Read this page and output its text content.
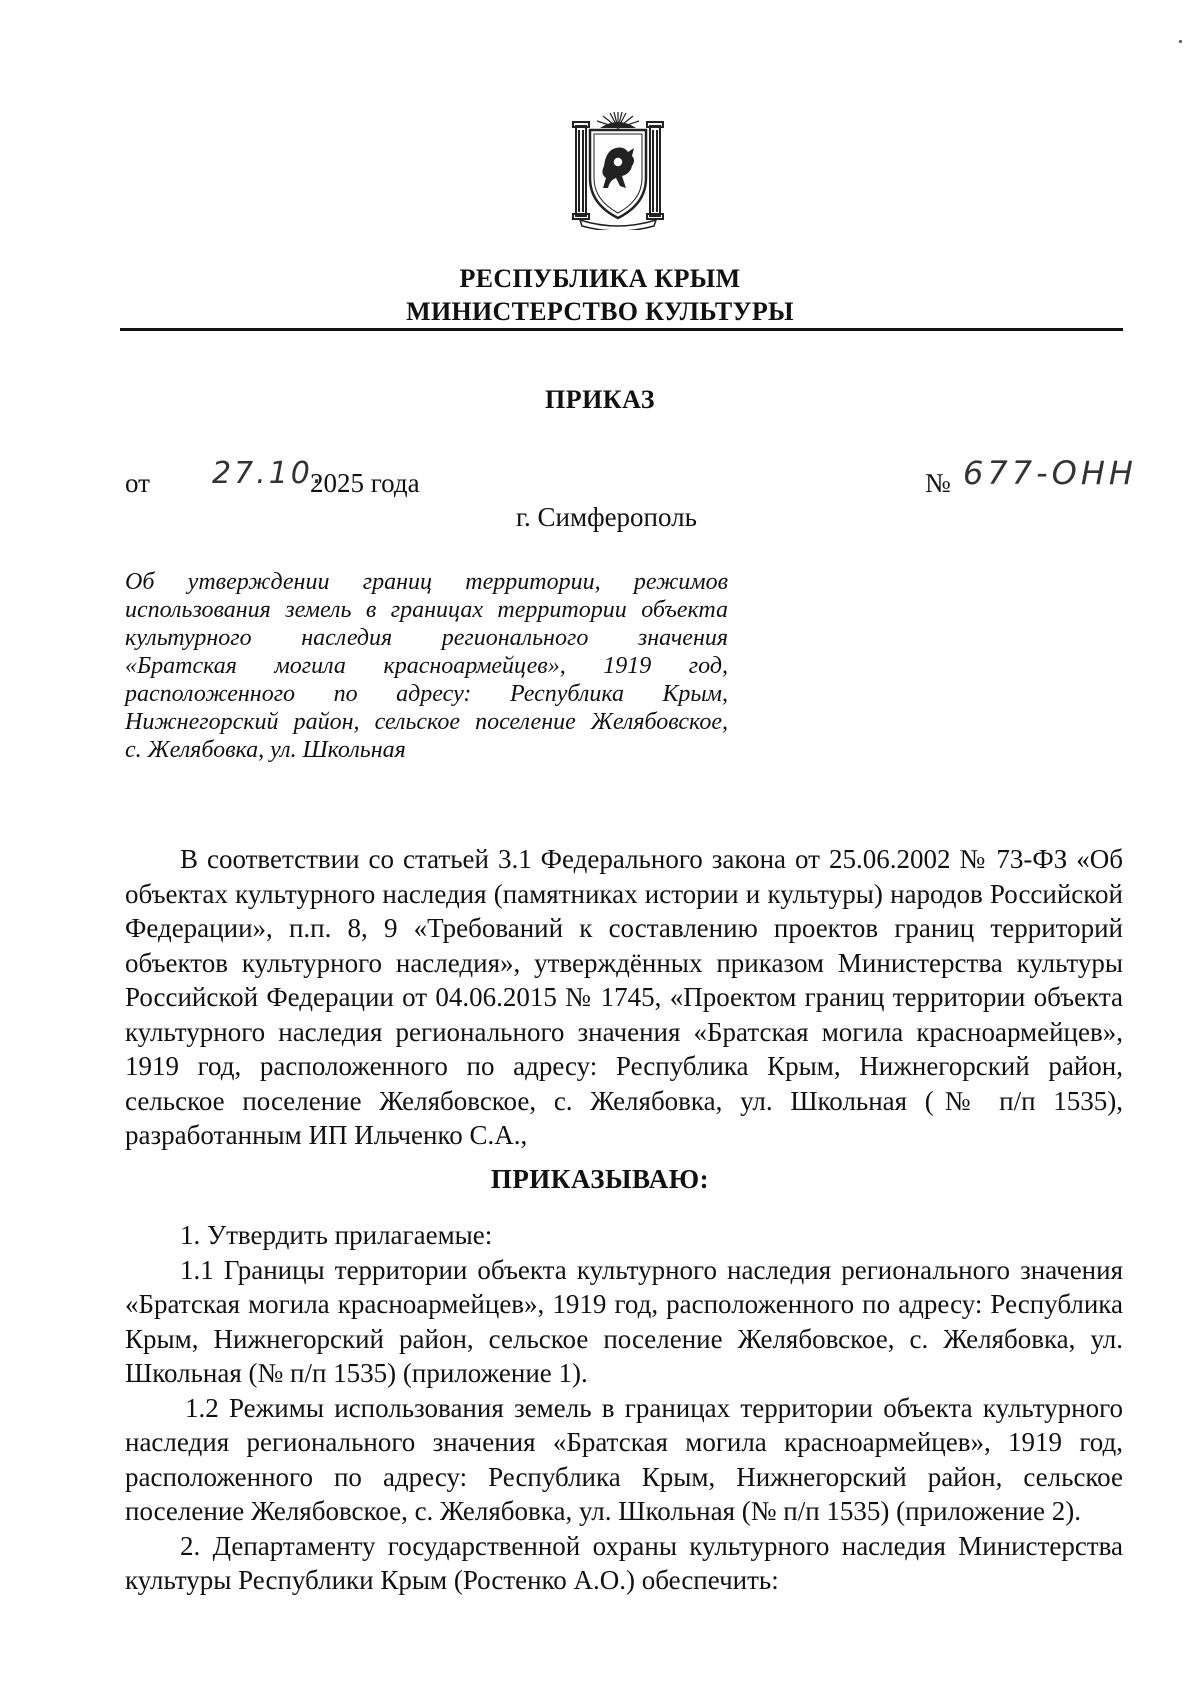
РЕСПУБЛИКА КРЫМ
МИНИСТЕРСТВО КУЛЬТУРЫ
ПРИКАЗ
от 27.10.
2025 года	№ 677-ОНН
г. Симферополь
Об утверждении границ территории, режимов
использования земель в границах территории объекта
культурного наследия регионального значения
«Братская могила красноармейцев», 1919 год,
расположенного по адресу: Республика Крым,
Нижнегорский район, сельское поселение Желябовское,
с. Желябовка, ул. Школьная

В соответствии со статьей 3.1 Федерального закона от 25.06.2002 № 73-ФЗ «Об объектах культурного наследия (памятниках истории и культуры) народов Российской Федерации», п.п. 8, 9 «Требований к составлению проектов границ территорий объектов культурного наследия», утверждённых приказом Министерства культуры Российской Федерации от 04.06.2015 № 1745, «Проектом границ территории объекта культурного наследия регионального значения «Братская могила красноармейцев», 1919 год, расположенного по адресу: Республика Крым, Нижнегорский район, сельское поселение Желябовское, с. Желябовка, ул. Школьная (№ п/п 1535), разработанным ИП Ильченко С.А.,

ПРИКАЗЫВАЮ:

1. Утвердить прилагаемые:

1.1 Границы территории объекта культурного наследия регионального значения «Братская могила красноармейцев», 1919 год, расположенного по адресу: Республика Крым, Нижнегорский район, сельское поселение Желябовское, с. Желябовка, ул. Школьная (№ п/п 1535) (приложение 1).

1.2 Режимы использования земель в границах территории объекта культурного наследия регионального значения «Братская могила красноармейцев», 1919 год, расположенного по адресу: Республика Крым, Нижнегорский район, сельское поселение Желябовское, с. Желябовка, ул. Школьная (№ п/п 1535) (приложение 2).

2. Департаменту государственной охраны культурного наследия Министерства культуры Республики Крым (Ростенко А.О.) обеспечить:
